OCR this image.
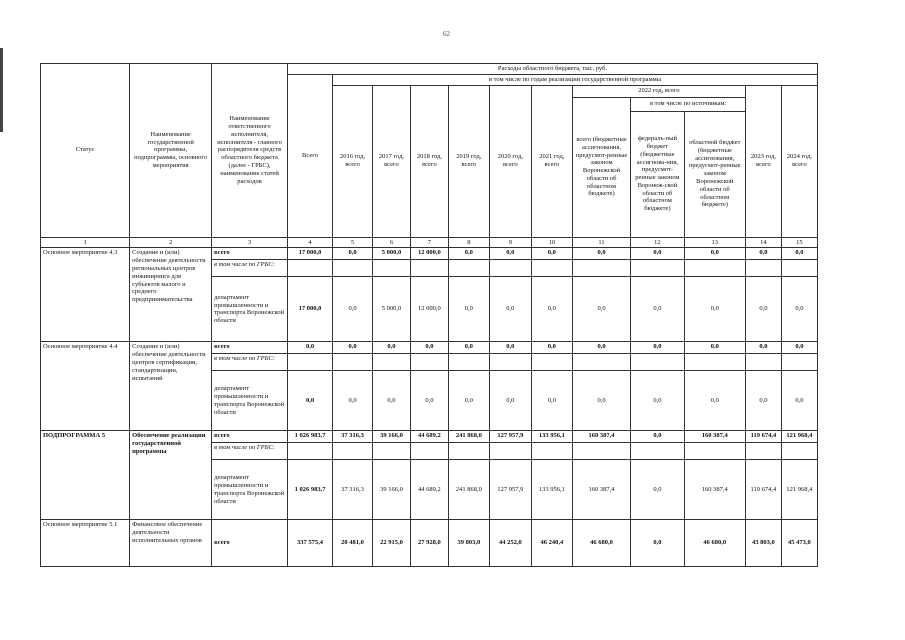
62
Статус	Наименование государственной программы, подпрограммы, основного мероприятия	Наименование ответственного исполнителя, исполнителя - главного распорядителя средств областного бюджета (далее - ГРБС), наименование статей расходов	Расходы областного бюджета, тыс. руб.											
			Всего	в том числе по годам реализации государственной программы										
				2016 год, всего	2017 год, всего	2018 год, всего	2019 год, всего	2020 год, всего	2021 год, всего	2022 год, всего			2023 год, всего	2024 год, всего
										всего (бюджетные ассигнования, предусмот-ренные законом Воронежской области об областном бюджете)	в том числе по источникам:			
											федераль-ный бюджет (бюджетные ассигнова-ния, предусмот-ренные законом Воронеж-ской области об областном бюджете)	областной бюджет (бюджетные ассигнования, предусмот-ренные законом Воронежской области об областном бюджете)		
1	2	3	4	5	6	7	8	9	10	11	12	13	14	15
Основное мероприятие 4.3	Создание и (или) обеспечение деятельности региональных центров инжиниринга для субъектов малого и среднего предпринимательства	всего	17 000,0	0,0	5 000,0	12 000,0	0,0	0,0	0,0	0,0	0,0	0,0	0,0	0,0
		в том числе по ГРБС:												
		департамент промышленности и транспорта Воронежской области	17 000,0	0,0	5 000,0	12 000,0	0,0	0,0	0,0	0,0	0,0	0,0	0,0	0,0
Основное мероприятие 4.4	Создание и (или) обеспечение деятельности центров сертификации, стандартизации, испытаний	всего	0,0	0,0	0,0	0,0	0,0	0,0	0,0	0,0	0,0	0,0	0,0	0,0
		в том числе по ГРБС:												
		департамент промышленности и транспорта Воронежской области	0,0	0,0	0,0	0,0	0,0	0,0	0,0	0,0	0,0	0,0	0,0	0,0
ПОДПРОГРАММА 5	Обеспечение реализации государственной программы	всего	1 026 983,7	37 316,3	39 166,0	44 689,2	241 868,0	127 957,9	133 956,1	160 387,4	0,0	160 387,4	119 674,4	121 968,4
		в том числе по ГРБС:												
		департамент промышленности и транспорта Воронежской области	1 026 983,7	37 316,3	39 166,0	44 689,2	241 868,0	127 957,9	133 956,1	160 387,4	0,0	160 387,4	119 674,4	121 968,4
Основное мероприятие 5.1	Финансовое обеспечение деятельности исполнительных органов	всего	337 575,4	20 481,0	22 915,0	27 928,0	39 803,0	44 252,0	46 240,4	46 680,0	0,0	46 680,0	43 803,0	45 473,0
